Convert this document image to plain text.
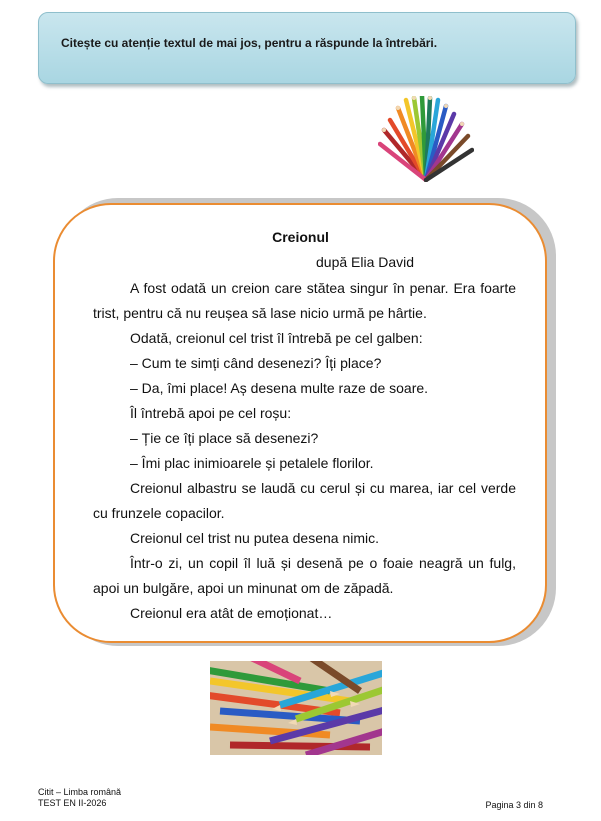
Citește cu atenție textul de mai jos, pentru a răspunde la întrebări.
Creionul
după Elia David

A fost odată un creion care stătea singur în penar. Era foarte trist, pentru că nu reușea să lase nicio urmă pe hârtie.

Odată, creionul cel trist îl întrebă pe cel galben:

– Cum te simți când desenezi? Îți place?

– Da, îmi place! Aș desena multe raze de soare.

Îl întrebă apoi pe cel roșu:

– Ție ce îți place să desenezi?

– Îmi plac inimioarele și petalele florilor.

Creionul albastru se laudă cu cerul și cu marea, iar cel verde cu frunzele copacilor.

Creionul cel trist nu putea desena nimic.

Într-o zi, un copil îl luă și desenă pe o foaie neagră un fulg, apoi un bulgăre, apoi un minunat om de zăpadă.

Creionul era atât de emoționat…

Citit – Limba română
TEST EN II-2026	Pagina 3 din 8
